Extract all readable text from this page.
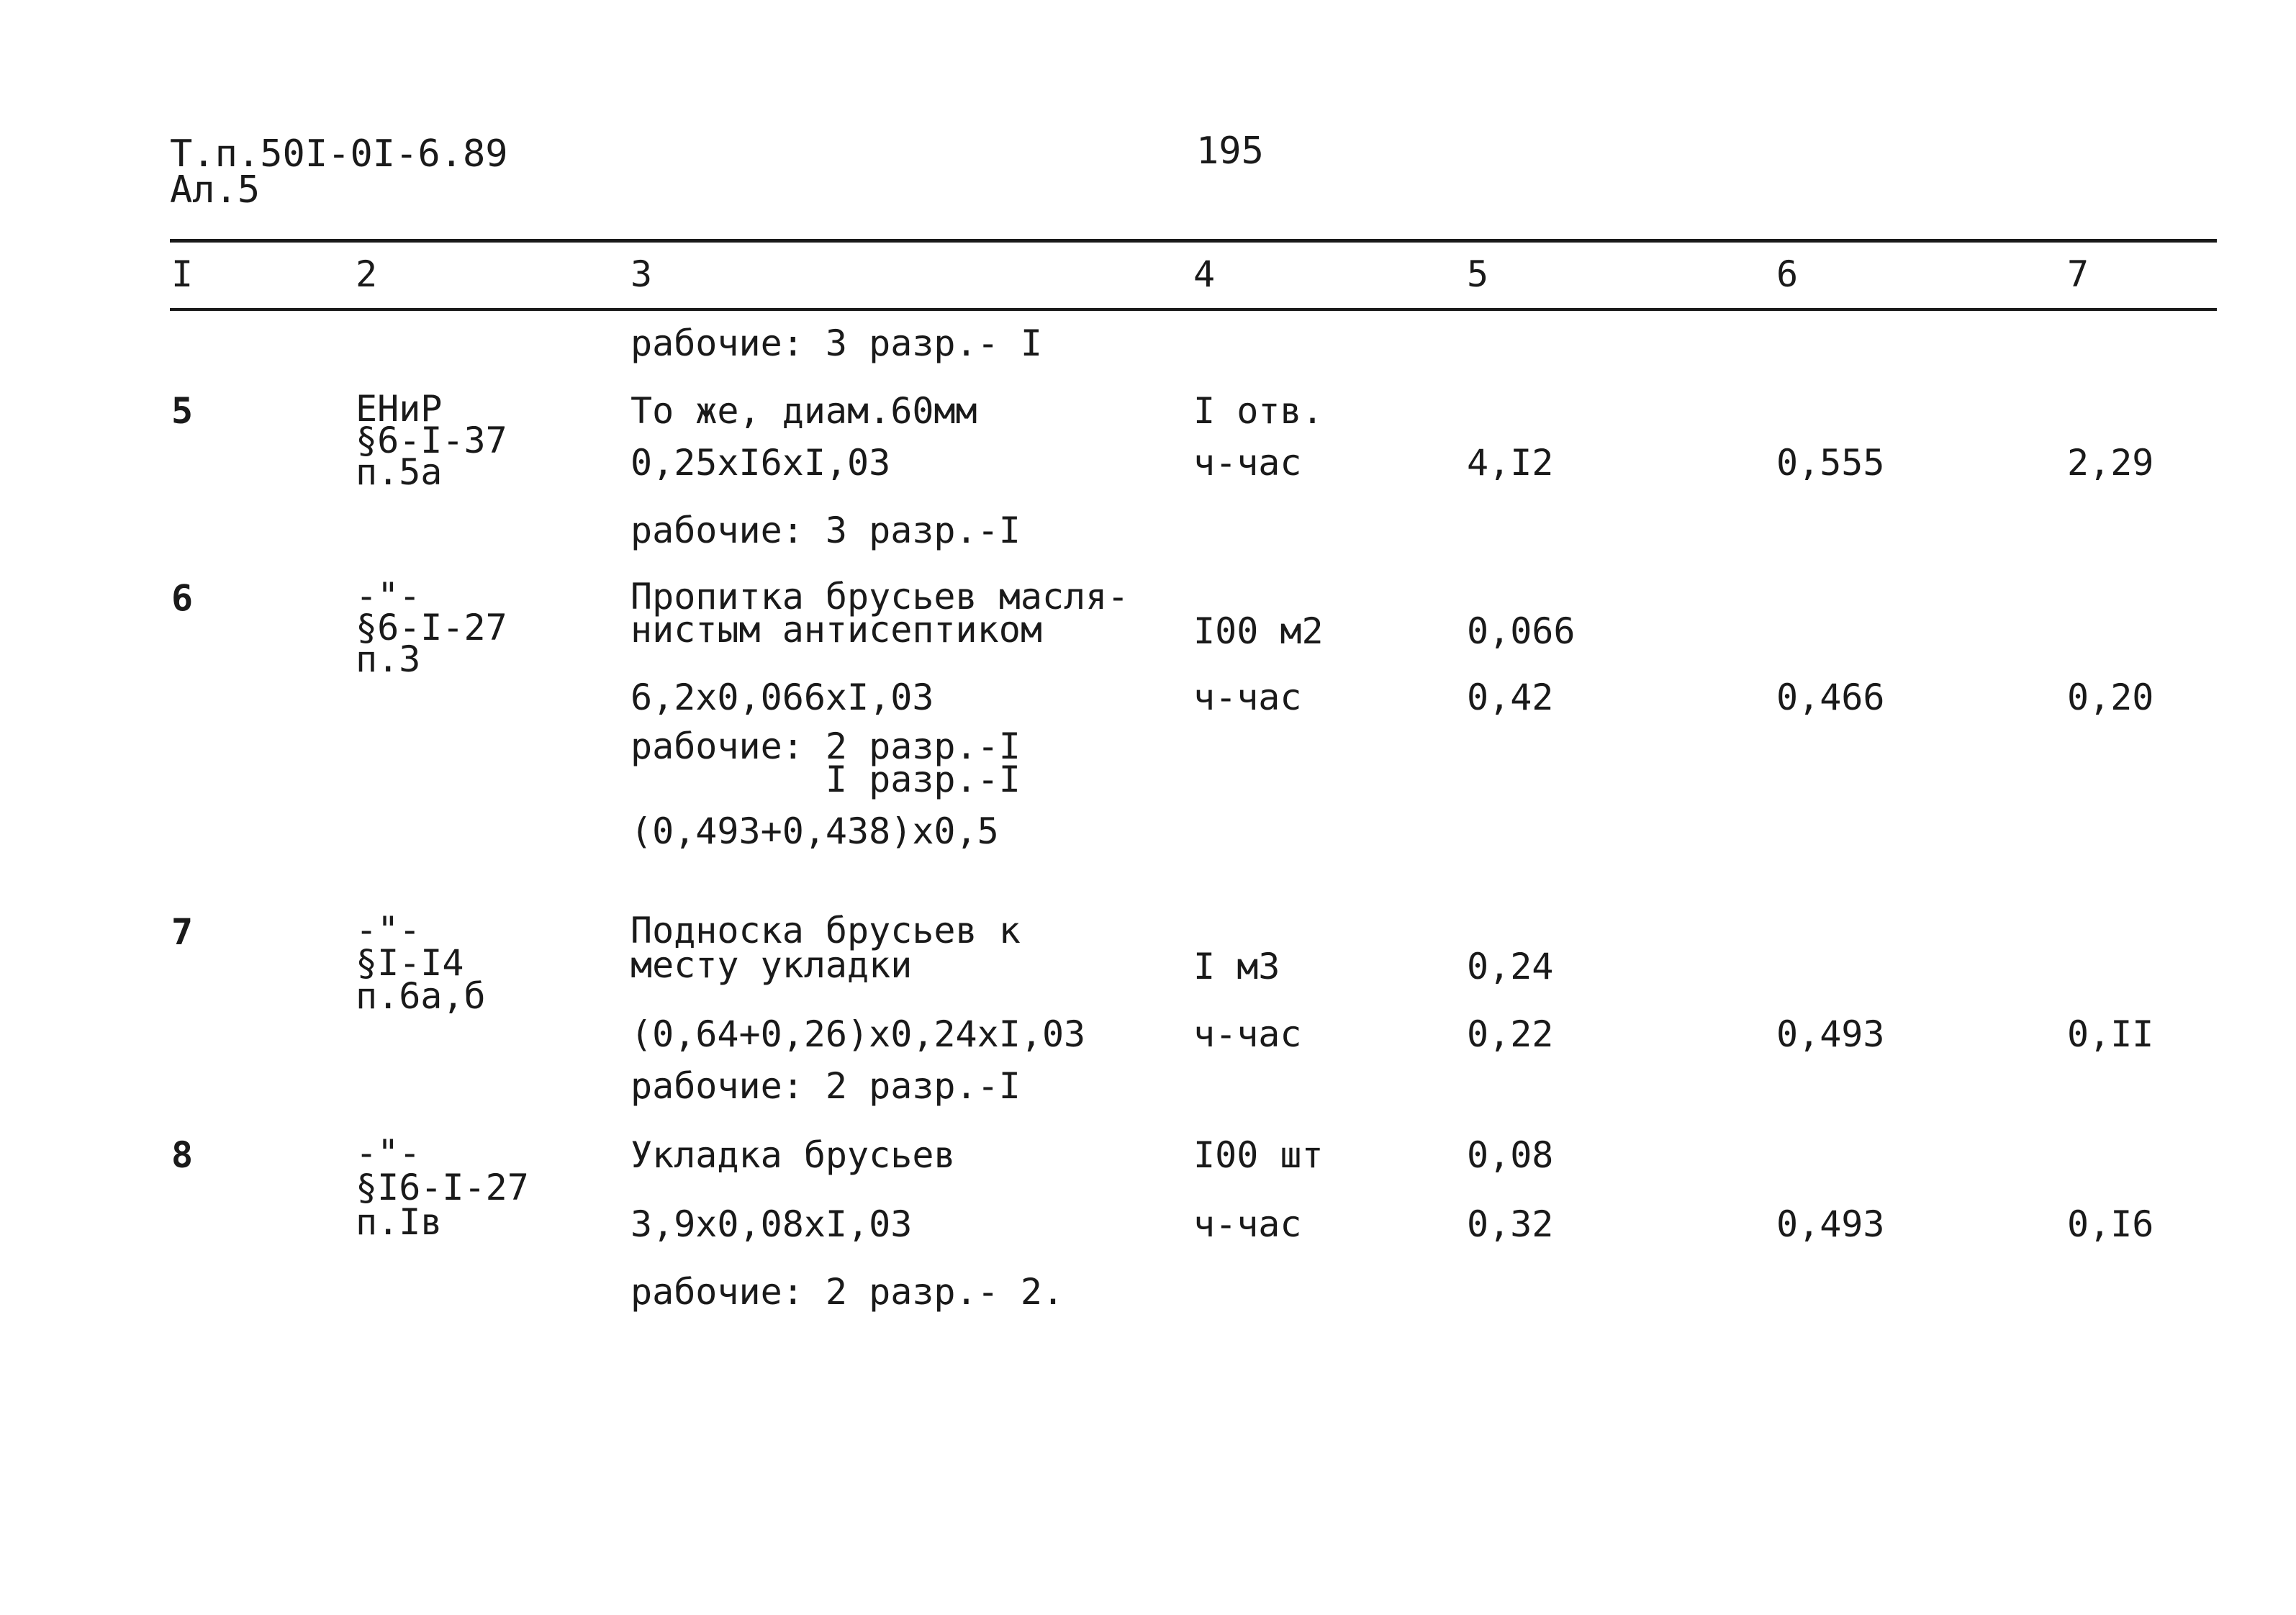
Т.п.50I-0I-6.89
Ал.5
195
I	2	3	4	5	6	7
рабочие: 3 разр.- I
5	ЕНиР
§6-I-37
п.5а
То же, диам.60мм	I отв.
0,25хI6хI,03	ч-час	4,I2	0,555	2,29
рабочие: 3 разр.-I
6	-"-
§6-I-27
п.3
Пропитка брусьев масля-
нистым антисептиком	I00 м2	0,066
6,2х0,066хI,03	ч-час	0,42	0,466	0,20
рабочие: 2 разр.-I
I разр.-I
(0,493+0,438)х0,5
7	-"-
§I-I4
п.6а,б
Подноска брусьев к
месту укладки	I м3	0,24
(0,64+0,26)х0,24хI,03	ч-час	0,22	0,493	0,II
рабочие: 2 разр.-I
8	-"-
§I6-I-27
п.Iв
Укладка брусьев	I00 шт	0,08
3,9х0,08хI,03	ч-час	0,32	0,493	0,I6
рабочие: 2 разр.- 2.
